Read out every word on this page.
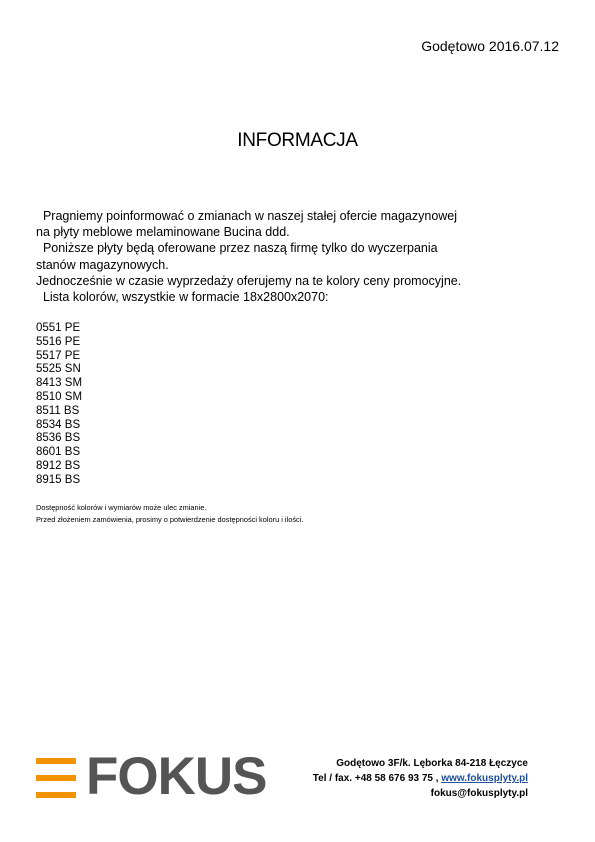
Godętowo 2016.07.12
INFORMACJA

Pragniemy poinformować o zmianach w naszej stałej ofercie magazynowej

na płyty meblowe melaminowane Bucina ddd.

Poniższe płyty będą oferowane przez naszą firmę tylko do wyczerpania

stanów magazynowych.

Jednocześnie w czasie wyprzedaży oferujemy na te kolory ceny promocyjne.

Lista kolorów, wszystkie w formacie 18x2800x2070:

0551 PE
5516 PE
5517 PE
5525 SN
8413 SM
8510 SM
8511 BS
8534 BS
8536 BS
8601 BS
8912 BS
8915 BS

Dostępność kolorów i wymiarów może ulec zmianie.

Przed złożeniem zamówienia, prosimy o potwierdzenie dostępności koloru i ilości.

FOKUS	Godętowo 3F/k. Lęborka 84-218 Łęczyce

Tel / fax. +48 58 676 93 75 , www.fokusplyty.pl

fokus@fokusplyty.pl
